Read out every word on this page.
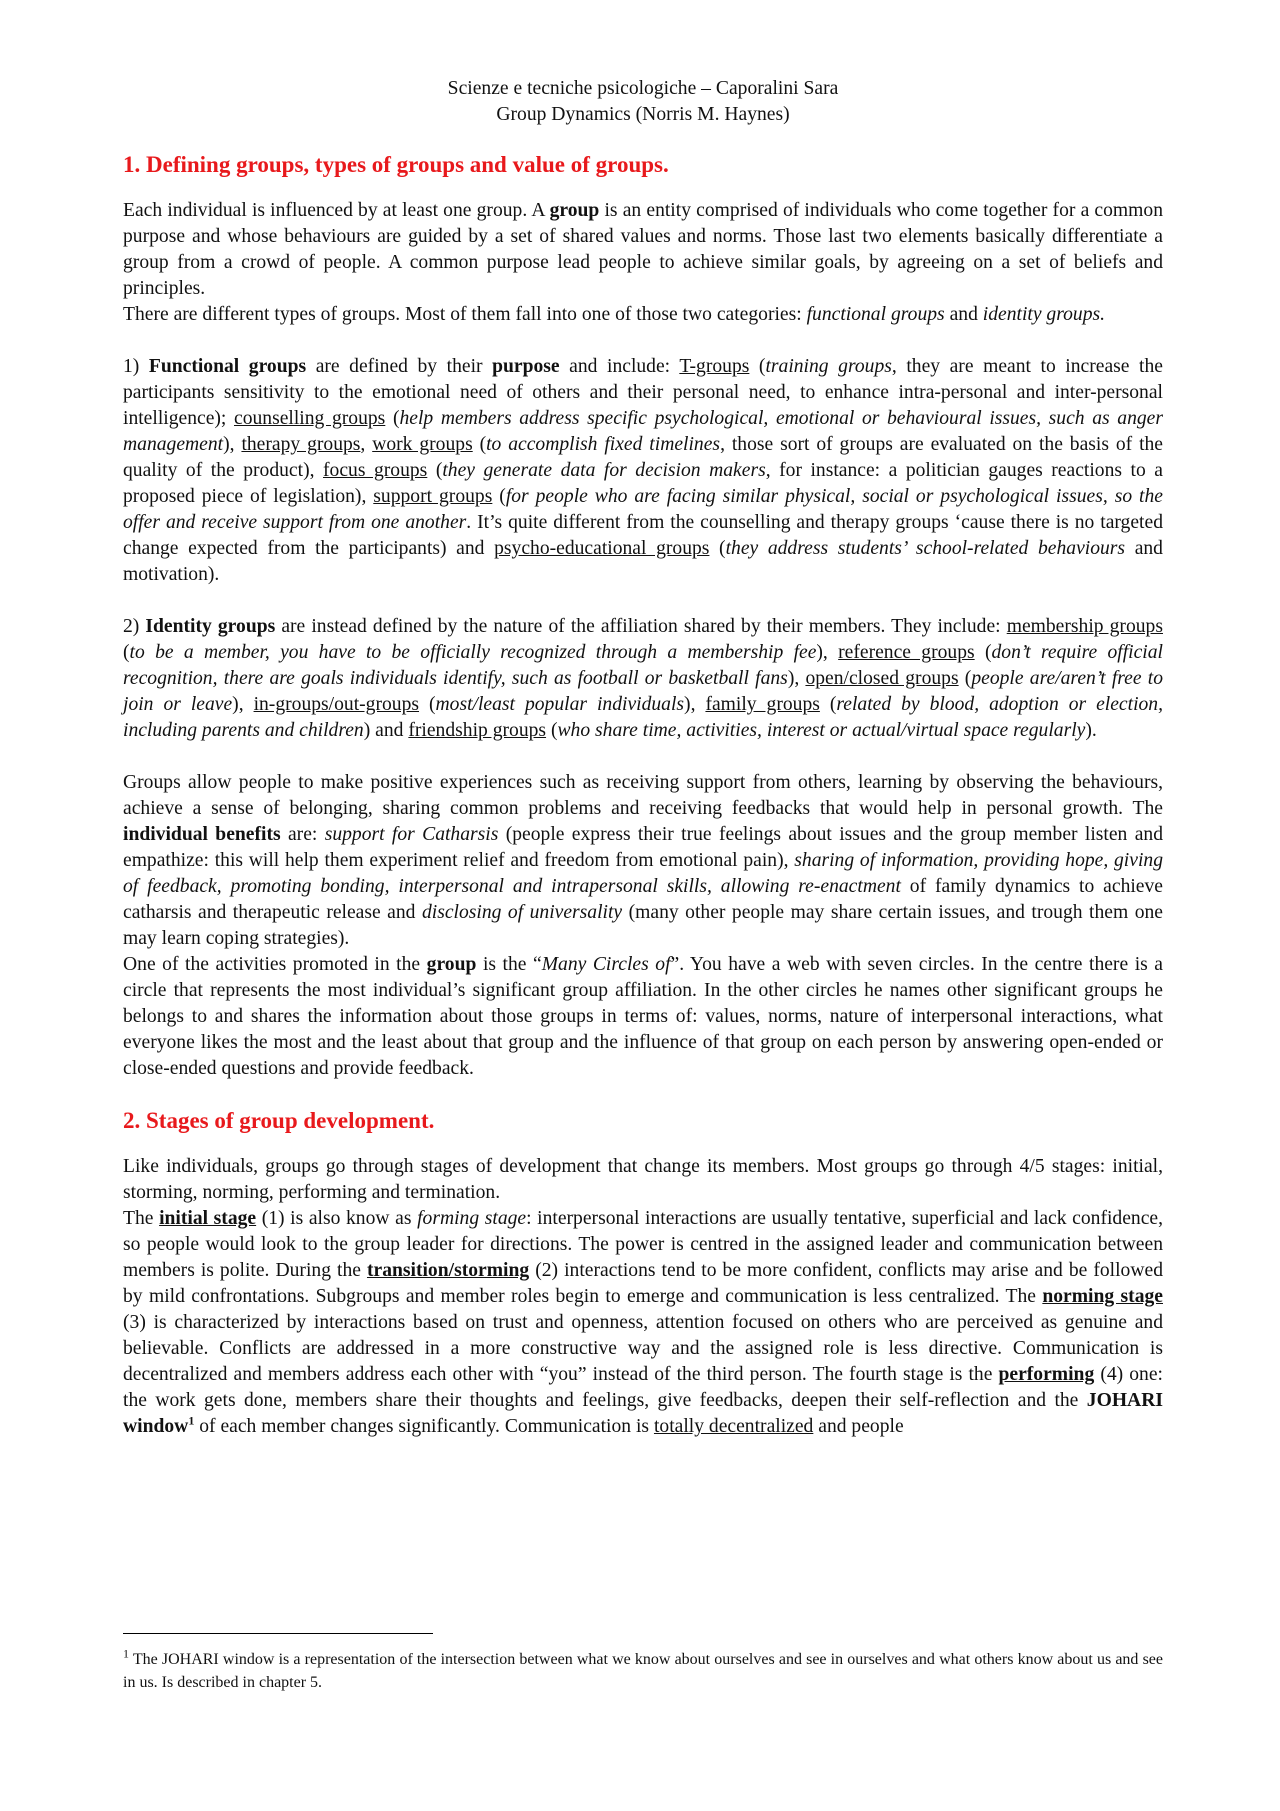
Scienze e tecniche psicologiche – Caporalini Sara
Group Dynamics (Norris M. Haynes)
1. Defining groups, types of groups and value of groups.

Each individual is influenced by at least one group. A group is an entity comprised of individuals who come together for a common purpose and whose behaviours are guided by a set of shared values and norms. Those last two elements basically differentiate a group from a crowd of people. A common purpose lead people to achieve similar goals, by agreeing on a set of beliefs and principles.

There are different types of groups. Most of them fall into one of those two categories: functional groups and identity groups.

1) Functional groups are defined by their purpose and include: T-groups (training groups, they are meant to increase the participants sensitivity to the emotional need of others and their personal need, to enhance intra-personal and inter-personal intelligence); counselling groups (help members address specific psychological, emotional or behavioural issues, such as anger management), therapy groups, work groups (to accomplish fixed timelines, those sort of groups are evaluated on the basis of the quality of the product), focus groups (they generate data for decision makers, for instance: a politician gauges reactions to a proposed piece of legislation), support groups (for people who are facing similar physical, social or psychological issues, so the offer and receive support from one another. It’s quite different from the counselling and therapy groups ‘cause there is no targeted change expected from the participants) and psycho-educational groups (they address students’ school-related behaviours and motivation).

2) Identity groups are instead defined by the nature of the affiliation shared by their members. They include: membership groups (to be a member, you have to be officially recognized through a membership fee), reference groups (don’t require official recognition, there are goals individuals identify, such as football or basketball fans), open/closed groups (people are/aren’t free to join or leave), in-groups/out-groups (most/least popular individuals), family groups (related by blood, adoption or election, including parents and children) and friendship groups (who share time, activities, interest or actual/virtual space regularly).

Groups allow people to make positive experiences such as receiving support from others, learning by observing the behaviours, achieve a sense of belonging, sharing common problems and receiving feedbacks that would help in personal growth. The individual benefits are: support for Catharsis (people express their true feelings about issues and the group member listen and empathize: this will help them experiment relief and freedom from emotional pain), sharing of information, providing hope, giving of feedback, promoting bonding, interpersonal and intrapersonal skills, allowing re-enactment of family dynamics to achieve catharsis and therapeutic release and disclosing of universality (many other people may share certain issues, and trough them one may learn coping strategies).

One of the activities promoted in the group is the “Many Circles of”. You have a web with seven circles. In the centre there is a circle that represents the most individual’s significant group affiliation. In the other circles he names other significant groups he belongs to and shares the information about those groups in terms of: values, norms, nature of interpersonal interactions, what everyone likes the most and the least about that group and the influence of that group on each person by answering open-ended or close-ended questions and provide feedback.

2. Stages of group development.

Like individuals, groups go through stages of development that change its members. Most groups go through 4/5 stages: initial, storming, norming, performing and termination.

The initial stage (1) is also know as forming stage: interpersonal interactions are usually tentative, superficial and lack confidence, so people would look to the group leader for directions. The power is centred in the assigned leader and communication between members is polite. During the transition/storming (2) interactions tend to be more confident, conflicts may arise and be followed by mild confrontations. Subgroups and member roles begin to emerge and communication is less centralized. The norming stage (3) is characterized by interactions based on trust and openness, attention focused on others who are perceived as genuine and believable. Conflicts are addressed in a more constructive way and the assigned role is less directive. Communication is decentralized and members address each other with “you” instead of the third person. The fourth stage is the performing (4) one: the work gets done, members share their thoughts and feelings, give feedbacks, deepen their self-reflection and the JOHARI window$^1$ of each member changes significantly. Communication is totally decentralized and people

$^1$ The JOHARI window is a representation of the intersection between what we know about ourselves and see in ourselves and what others know about us and see in us. Is described in chapter 5.
